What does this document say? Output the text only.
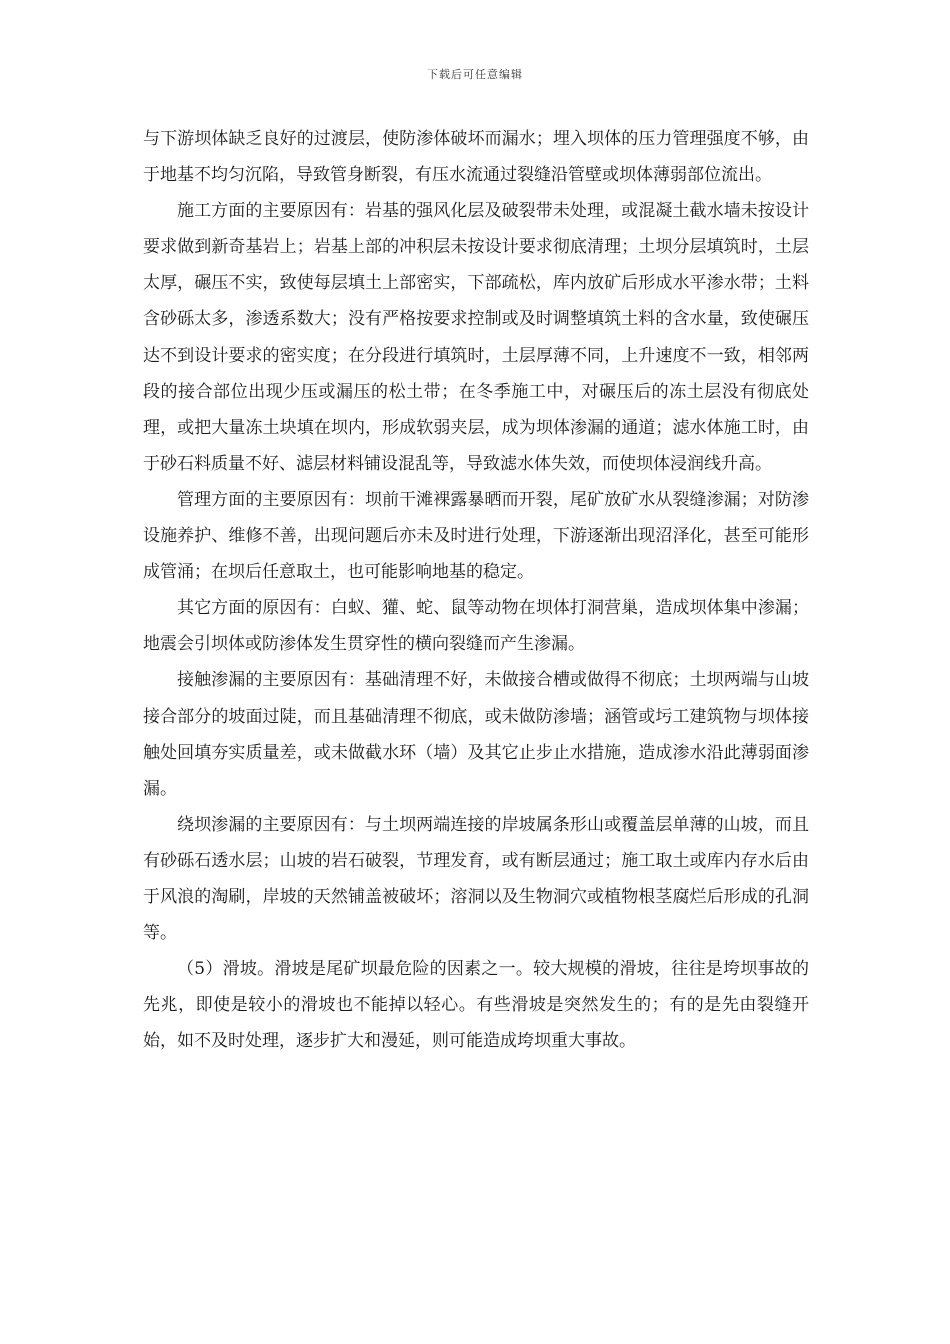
下载后可任意编辑

与下游坝体缺乏良好的过渡层，使防渗体破坏而漏水；埋入坝体的压力管理强度不够，由于地基不均匀沉陷，导致管身断裂，有压水流通过裂缝沿管壁或坝体薄弱部位流出。

施工方面的主要原因有：岩基的强风化层及破裂带未处理，或混凝土截水墙未按设计要求做到新奇基岩上；岩基上部的冲积层未按设计要求彻底清理；土坝分层填筑时，土层太厚，碾压不实，致使每层填土上部密实，下部疏松，库内放矿后形成水平渗水带；土料含砂砾太多，渗透系数大；没有严格按要求控制或及时调整填筑土料的含水量，致使碾压达不到设计要求的密实度；在分段进行填筑时，土层厚薄不同，上升速度不一致，相邻两段的接合部位出现少压或漏压的松土带；在冬季施工中，对碾压后的冻土层没有彻底处理，或把大量冻土块填在坝内，形成软弱夹层，成为坝体渗漏的通道；滤水体施工时，由于砂石料质量不好、滤层材料铺设混乱等，导致滤水体失效，而使坝体浸润线升高。

管理方面的主要原因有：坝前干滩裸露暴晒而开裂，尾矿放矿水从裂缝渗漏；对防渗设施养护、维修不善，出现问题后亦未及时进行处理，下游逐渐出现沼泽化，甚至可能形成管涌；在坝后任意取土，也可能影响地基的稳定。

其它方面的原因有：白蚁、獾、蛇、鼠等动物在坝体打洞营巢，造成坝体集中渗漏；地震会引坝体或防渗体发生贯穿性的横向裂缝而产生渗漏。

接触渗漏的主要原因有：基础清理不好，未做接合槽或做得不彻底；土坝两端与山坡接合部分的坡面过陡，而且基础清理不彻底，或未做防渗墙；涵管或圬工建筑物与坝体接触处回填夯实质量差，或未做截水环（墙）及其它止步止水措施，造成渗水沿此薄弱面渗漏。

绕坝渗漏的主要原因有：与土坝两端连接的岸坡属条形山或覆盖层单薄的山坡，而且有砂砾石透水层；山坡的岩石破裂，节理发育，或有断层通过；施工取土或库内存水后由于风浪的淘刷，岸坡的天然铺盖被破坏；溶洞以及生物洞穴或植物根茎腐烂后形成的孔洞等。

（5）滑坡。滑坡是尾矿坝最危险的因素之一。较大规模的滑坡，往往是垮坝事故的先兆，即使是较小的滑坡也不能掉以轻心。有些滑坡是突然发生的；有的是先由裂缝开始，如不及时处理，逐步扩大和漫延，则可能造成垮坝重大事故。
